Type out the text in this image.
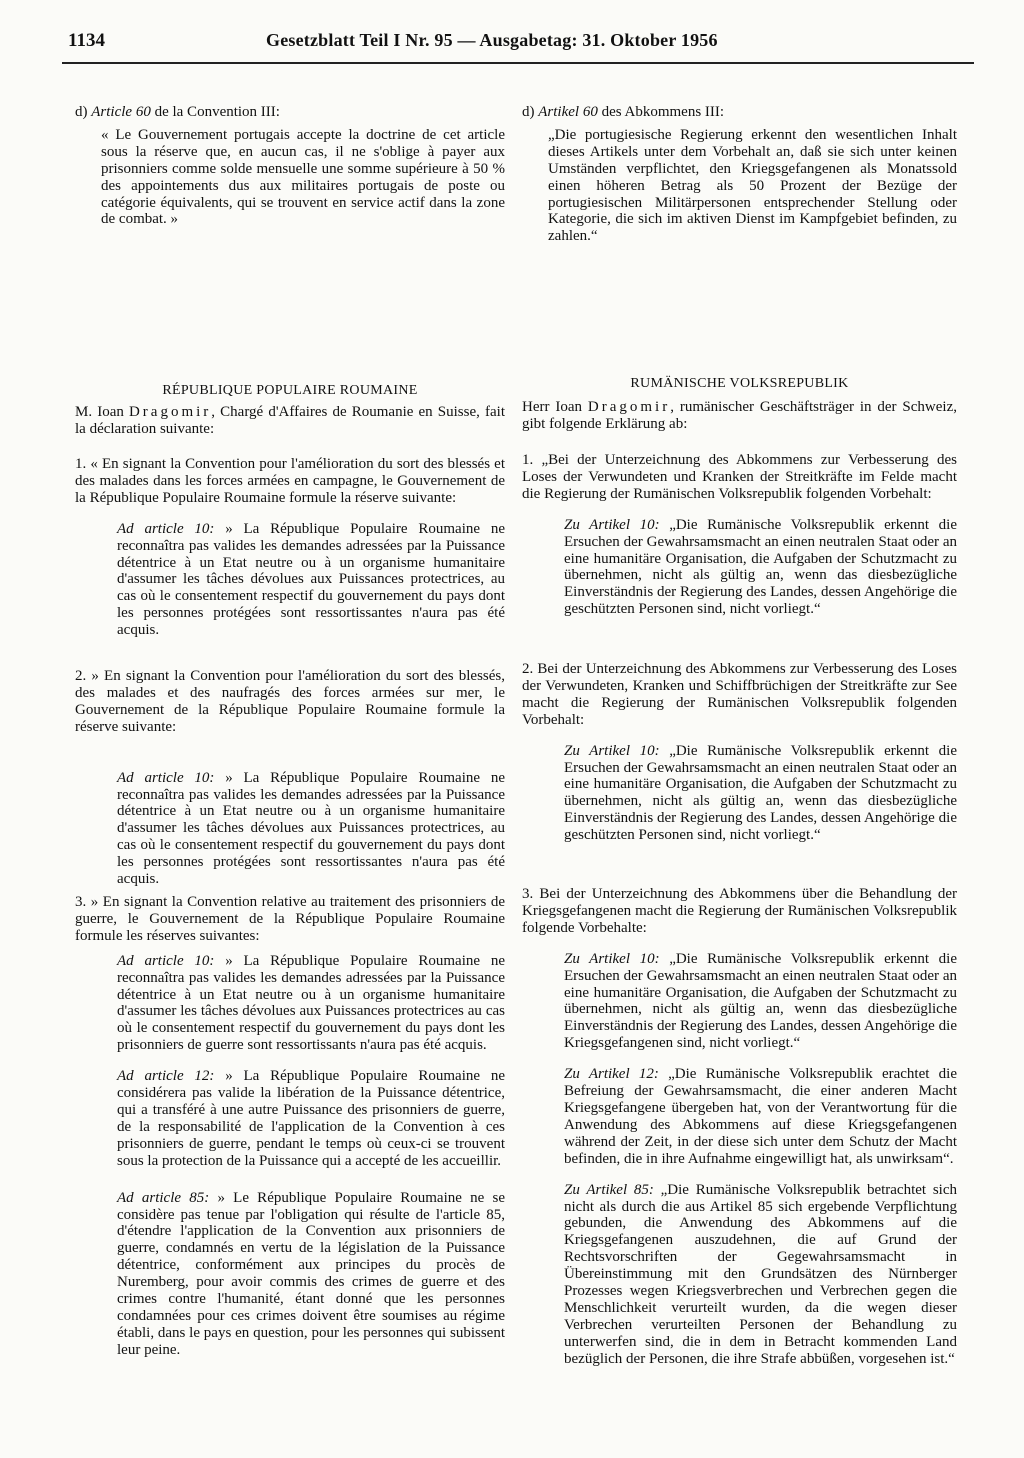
1134	Gesetzblatt Teil I Nr. 95 — Ausgabetag: 31. Oktober 1956

d) Article 60 de la Convention III:

« Le Gouvernement portugais accepte la doctrine de cet article sous la réserve que, en aucun cas, il ne s'oblige à payer aux prisonniers comme solde mensuelle une somme supérieure à 50 % des appointements dus aux militaires portugais de poste ou catégorie équivalents, qui se trouvent en service actif dans la zone de combat. »

RÉPUBLIQUE POPULAIRE ROUMAINE

M. Ioan Dragomir, Chargé d'Affaires de Roumanie en Suisse, fait la déclaration suivante:

1. « En signant la Convention pour l'amélioration du sort des blessés et des malades dans les forces armées en campagne, le Gouvernement de la République Populaire Roumaine formule la réserve suivante:

Ad article 10: » La République Populaire Roumaine ne reconnaîtra pas valides les demandes adressées par la Puissance détentrice à un Etat neutre ou à un organisme humanitaire d'assumer les tâches dévolues aux Puissances protectrices, au cas où le consentement respectif du gouvernement du pays dont les personnes protégées sont ressortissantes n'aura pas été acquis.

2. » En signant la Convention pour l'amélioration du sort des blessés, des malades et des naufragés des forces armées sur mer, le Gouvernement de la République Populaire Roumaine formule la réserve suivante:

Ad article 10: » La République Populaire Roumaine ne reconnaîtra pas valides les demandes adressées par la Puissance détentrice à un Etat neutre ou à un organisme humanitaire d'assumer les tâches dévolues aux Puissances protectrices, au cas où le consentement respectif du gouvernement du pays dont les personnes protégées sont ressortissantes n'aura pas été acquis.

3. » En signant la Convention relative au traitement des prisonniers de guerre, le Gouvernement de la République Populaire Roumaine formule les réserves suivantes:

Ad article 10: » La République Populaire Roumaine ne reconnaîtra pas valides les demandes adressées par la Puissance détentrice à un Etat neutre ou à un organisme humanitaire d'assumer les tâches dévolues aux Puissances protectrices au cas où le consentement respectif du gouvernement du pays dont les prisonniers de guerre sont ressortissants n'aura pas été acquis.

Ad article 12: » La République Populaire Roumaine ne considérera pas valide la libération de la Puissance détentrice, qui a transféré à une autre Puissance des prisonniers de guerre, de la responsabilité de l'application de la Convention à ces prisonniers de guerre, pendant le temps où ceux-ci se trouvent sous la protection de la Puissance qui a accepté de les accueillir.

Ad article 85: » Le République Populaire Roumaine ne se considère pas tenue par l'obligation qui résulte de l'article 85, d'étendre l'application de la Convention aux prisonniers de guerre, condamnés en vertu de la législation de la Puissance détentrice, conformément aux principes du procès de Nuremberg, pour avoir commis des crimes de guerre et des crimes contre l'humanité, étant donné que les personnes condamnées pour ces crimes doivent être soumises au régime établi, dans le pays en question, pour les personnes qui subissent leur peine.

d) Artikel 60 des Abkommens III:

„Die portugiesische Regierung erkennt den wesentlichen Inhalt dieses Artikels unter dem Vorbehalt an, daß sie sich unter keinen Umständen verpflichtet, den Kriegsgefangenen als Monatssold einen höheren Betrag als 50 Prozent der Bezüge der portugiesischen Militärpersonen entsprechender Stellung oder Kategorie, die sich im aktiven Dienst im Kampfgebiet befinden, zu zahlen.“

RUMÄNISCHE VOLKSREPUBLIK

Herr Ioan Dragomir, rumänischer Geschäftsträger in der Schweiz, gibt folgende Erklärung ab:

1. „Bei der Unterzeichnung des Abkommens zur Verbesserung des Loses der Verwundeten und Kranken der Streitkräfte im Felde macht die Regierung der Rumänischen Volksrepublik folgenden Vorbehalt:

Zu Artikel 10: „Die Rumänische Volksrepublik erkennt die Ersuchen der Gewahrsamsmacht an einen neutralen Staat oder an eine humanitäre Organisation, die Aufgaben der Schutzmacht zu übernehmen, nicht als gültig an, wenn das diesbezügliche Einverständnis der Regierung des Landes, dessen Angehörige die geschützten Personen sind, nicht vorliegt.“

2. Bei der Unterzeichnung des Abkommens zur Verbesserung des Loses der Verwundeten, Kranken und Schiffbrüchigen der Streitkräfte zur See macht die Regierung der Rumänischen Volksrepublik folgenden Vorbehalt:

Zu Artikel 10: „Die Rumänische Volksrepublik erkennt die Ersuchen der Gewahrsamsmacht an einen neutralen Staat oder an eine humanitäre Organisation, die Aufgaben der Schutzmacht zu übernehmen, nicht als gültig an, wenn das diesbezügliche Einverständnis der Regierung des Landes, dessen Angehörige die geschützten Personen sind, nicht vorliegt.“

3. Bei der Unterzeichnung des Abkommens über die Behandlung der Kriegsgefangenen macht die Regierung der Rumänischen Volksrepublik folgende Vorbehalte:

Zu Artikel 10: „Die Rumänische Volksrepublik erkennt die Ersuchen der Gewahrsamsmacht an einen neutralen Staat oder an eine humanitäre Organisation, die Aufgaben der Schutzmacht zu übernehmen, nicht als gültig an, wenn das diesbezügliche Einverständnis der Regierung des Landes, dessen Angehörige die Kriegsgefangenen sind, nicht vorliegt.“

Zu Artikel 12: „Die Rumänische Volksrepublik erachtet die Befreiung der Gewahrsamsmacht, die einer anderen Macht Kriegsgefangene übergeben hat, von der Verantwortung für die Anwendung des Abkommens auf diese Kriegsgefangenen während der Zeit, in der diese sich unter dem Schutz der Macht befinden, die in ihre Aufnahme eingewilligt hat, als unwirksam“.

Zu Artikel 85: „Die Rumänische Volksrepublik betrachtet sich nicht als durch die aus Artikel 85 sich ergebende Verpflichtung gebunden, die Anwendung des Abkommens auf die Kriegsgefangenen auszudehnen, die auf Grund der Rechtsvorschriften der Gegewahrsamsmacht in Übereinstimmung mit den Grundsätzen des Nürnberger Prozesses wegen Kriegsverbrechen und Verbrechen gegen die Menschlichkeit verurteilt wurden, da die wegen dieser Verbrechen verurteilten Personen der Behandlung zu unterwerfen sind, die in dem in Betracht kommenden Land bezüglich der Personen, die ihre Strafe abbüßen, vorgesehen ist.“
